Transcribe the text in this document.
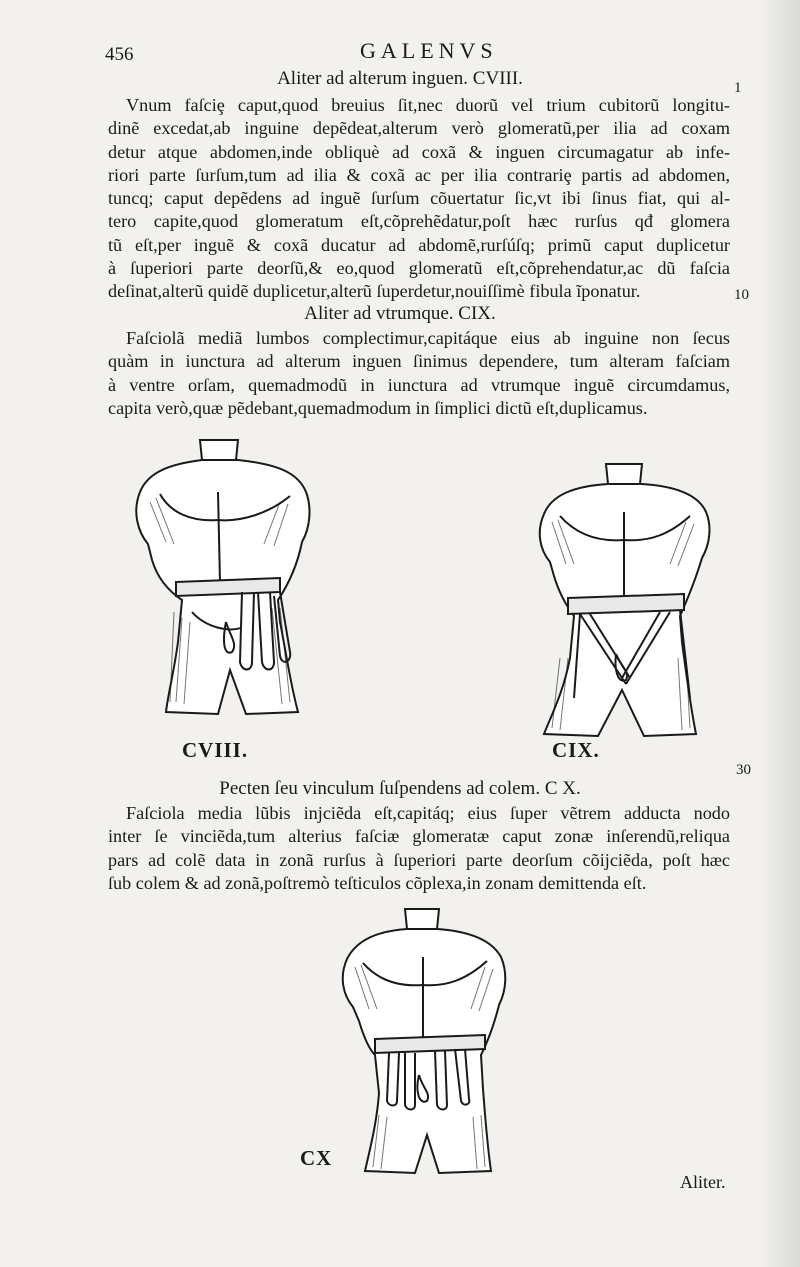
456	GALENVS
Aliter ad alterum inguen. CVIII.	1

Vnum faſciȩ caput,quod breuius ſit,nec duorũ vel trium cubitorũ longitu-

dinẽ excedat,ab inguine depẽdeat,alterum verò glomeratũ,per ilia ad coxam

detur atque abdomen,inde obliquè ad coxã & inguen circumagatur ab infe-

riori parte ſurſum,tum ad ilia & coxã ac per ilia contrariȩ partis ad abdomen,

tuncq; caput depẽdens ad inguẽ ſurſum cõuertatur ſic,vt ibi ſinus fiat, qui al-

tero capite,quod glomeratum eſt,cõprehẽdatur,poſt hæc rurſus qđ glomera

tũ eſt,per inguẽ & coxã ducatur ad abdomẽ,rurſúſq; primũ caput duplicetur

à ſuperiori parte deorſũ,& eo,quod glomeratũ eſt,cõprehendatur,ac dũ faſcia

deſinat,alterũ quidẽ duplicetur,alterũ ſuperdetur,nouiſſimè fibula ĩponatur.	10
Aliter ad vtrumque. CIX.

Faſciolã mediã lumbos complectimur,capitáque eius ab inguine non ſecus

quàm in iunctura ad alterum inguen ſinimus dependere, tum alteram faſciam

à ventre orſam, quemadmodũ in iunctura ad vtrumque inguẽ circumdamus,

capita verò,quæ pẽdebant,quemadmodum in ſimplici dictũ eſt,duplicamus.

CVIII.	CIX.
30
Pecten ſeu vinculum ſuſpendens ad colem. C X.

Faſciola media lũbis injciẽda eſt,capitáq; eius ſuper vẽtrem adducta nodo

inter ſe vinciẽda,tum alterius faſciæ glomeratæ caput zonæ inſerendũ,reliqua

pars ad colẽ data in zonã rurſus à ſuperiori parte deorſum cõijciẽda, poſt hæc

ſub colem & ad zonã,poſtremò teſticulos cõplexa,in zonam demittenda eſt.

CX
Aliter.
